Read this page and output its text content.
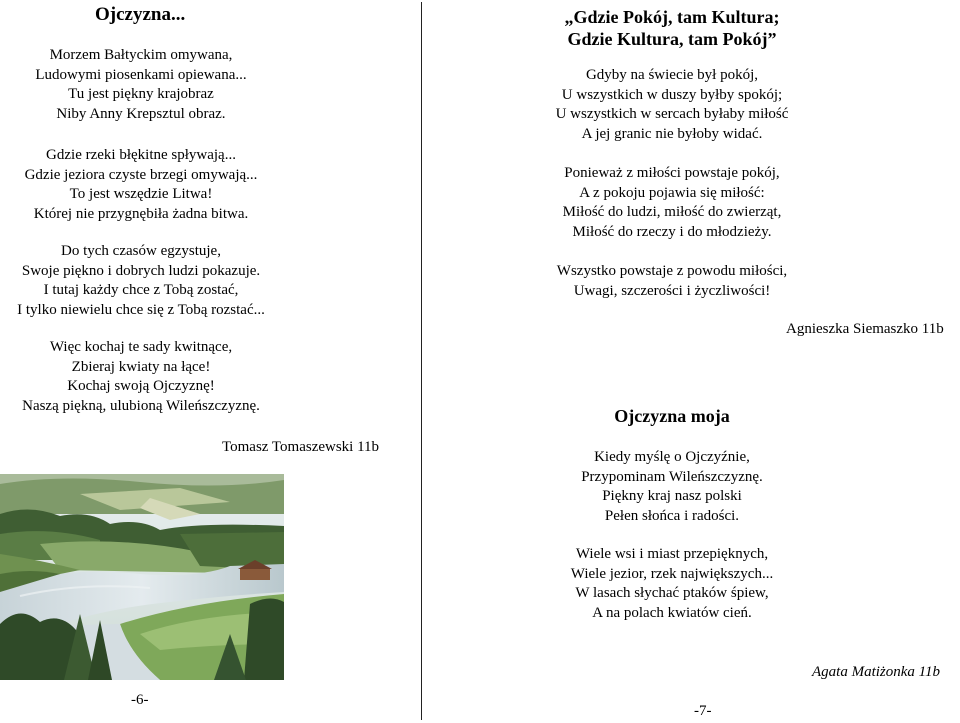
Ojczyzna...
Morzem Bałtyckim omywana,
Ludowymi piosenkami opiewana...
Tu jest piękny krajobraz
Niby Anny Krepsztul obraz.
Gdzie rzeki błękitne spływają...
Gdzie jeziora czyste brzegi omywają...
To jest wszędzie Litwa!
Której nie przygnębiła żadna bitwa.
Do tych czasów egzystuje,
Swoje piękno i dobrych ludzi pokazuje.
I tutaj każdy chce z Tobą zostać,
I tylko niewielu chce się z Tobą rozstać...
Więc kochaj te sady kwitnące,
Zbieraj kwiaty na łące!
Kochaj swoją Ojczyznę!
Naszą piękną, ulubioną Wileńszczyznę.
Tomasz Tomaszewski 11b
-6-
„Gdzie Pokój, tam Kultura;
Gdzie Kultura, tam Pokój”
Gdyby na świecie był pokój,
U wszystkich w duszy byłby spokój;
U wszystkich w sercach byłaby miłość
A jej granic nie byłoby widać.
Ponieważ z miłości powstaje pokój,
A z pokoju pojawia się miłość:
Miłość do ludzi, miłość do zwierząt,
Miłość do rzeczy i do młodzieży.
Wszystko powstaje z powodu miłości,
Uwagi, szczerości i życzliwości!
Agnieszka Siemaszko 11b
Ojczyzna moja
Kiedy myślę o Ojczyźnie,
Przypominam Wileńszczyznę.
Piękny kraj nasz polski
Pełen słońca i radości.
Wiele wsi i miast przepięknych,
Wiele jezior, rzek największych...
W lasach słychać ptaków śpiew,
A na polach kwiatów cień.
Agata Matiżonka 11b
-7-
